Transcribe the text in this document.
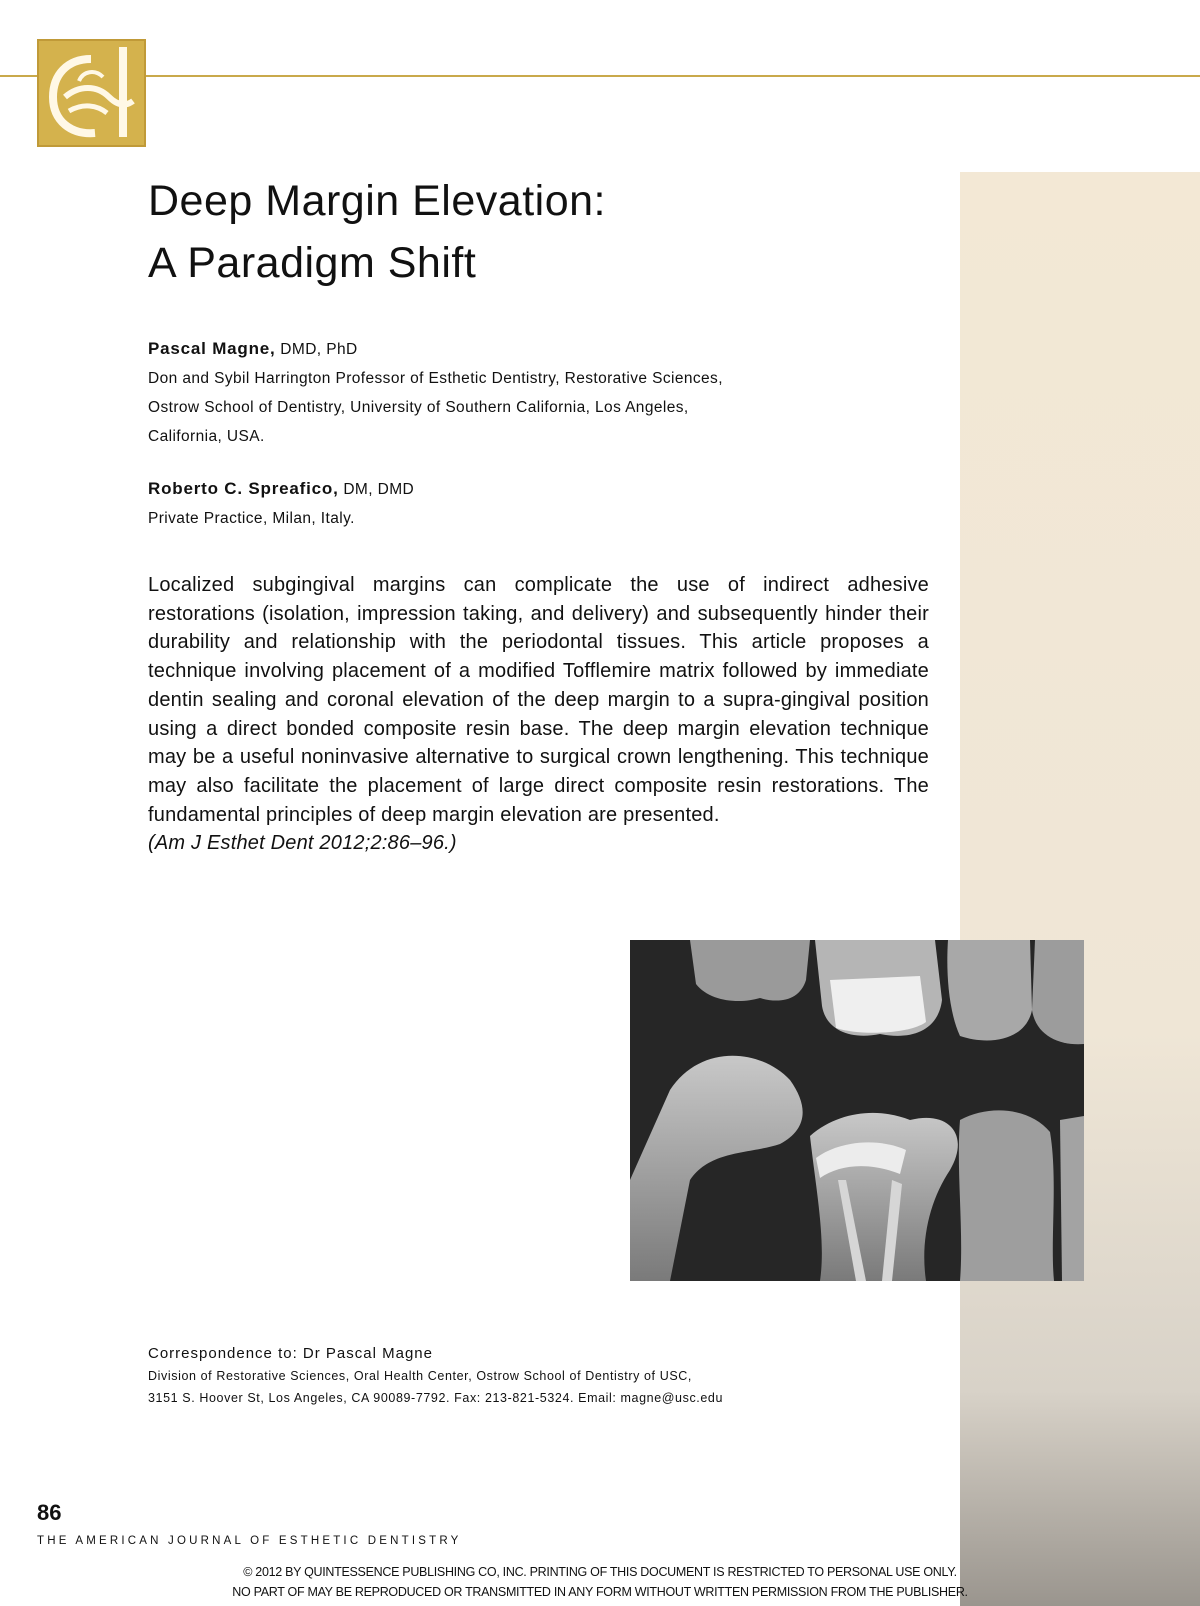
Deep Margin Elevation:
A Paradigm Shift
Pascal Magne, DMD, PhD
Don and Sybil Harrington Professor of Esthetic Dentistry, Restorative Sciences,
Ostrow School of Dentistry, University of Southern California, Los Angeles,
California, USA.
Roberto C. Spreafico, DM, DMD
Private Practice, Milan, Italy.
Localized subgingival margins can complicate the use of indirect adhesive restorations (isolation, impression taking, and delivery) and subsequently hinder their durability and relationship with the periodontal tissues. This article proposes a technique involving placement of a modified Tofflemire matrix followed by immediate dentin sealing and coronal elevation of the deep margin to a supra-gingival position using a direct bonded composite resin base. The deep margin elevation technique may be a useful noninvasive alternative to surgical crown lengthening. This technique may also facilitate the placement of large direct composite resin restorations. The fundamental principles of deep margin elevation are presented.
(Am J Esthet Dent 2012;2:86–96.)
Correspondence to: Dr Pascal Magne
Division of Restorative Sciences, Oral Health Center, Ostrow School of Dentistry of USC,
3151 S. Hoover St, Los Angeles, CA 90089-7792. Fax: 213-821-5324. Email: magne@usc.edu
86
THE AMERICAN JOURNAL OF ESTHETIC DENTISTRY
© 2012 BY QUINTESSENCE PUBLISHING CO, INC. PRINTING OF THIS DOCUMENT IS RESTRICTED TO PERSONAL USE ONLY.
NO PART OF MAY BE REPRODUCED OR TRANSMITTED IN ANY FORM WITHOUT WRITTEN PERMISSION FROM THE PUBLISHER.
